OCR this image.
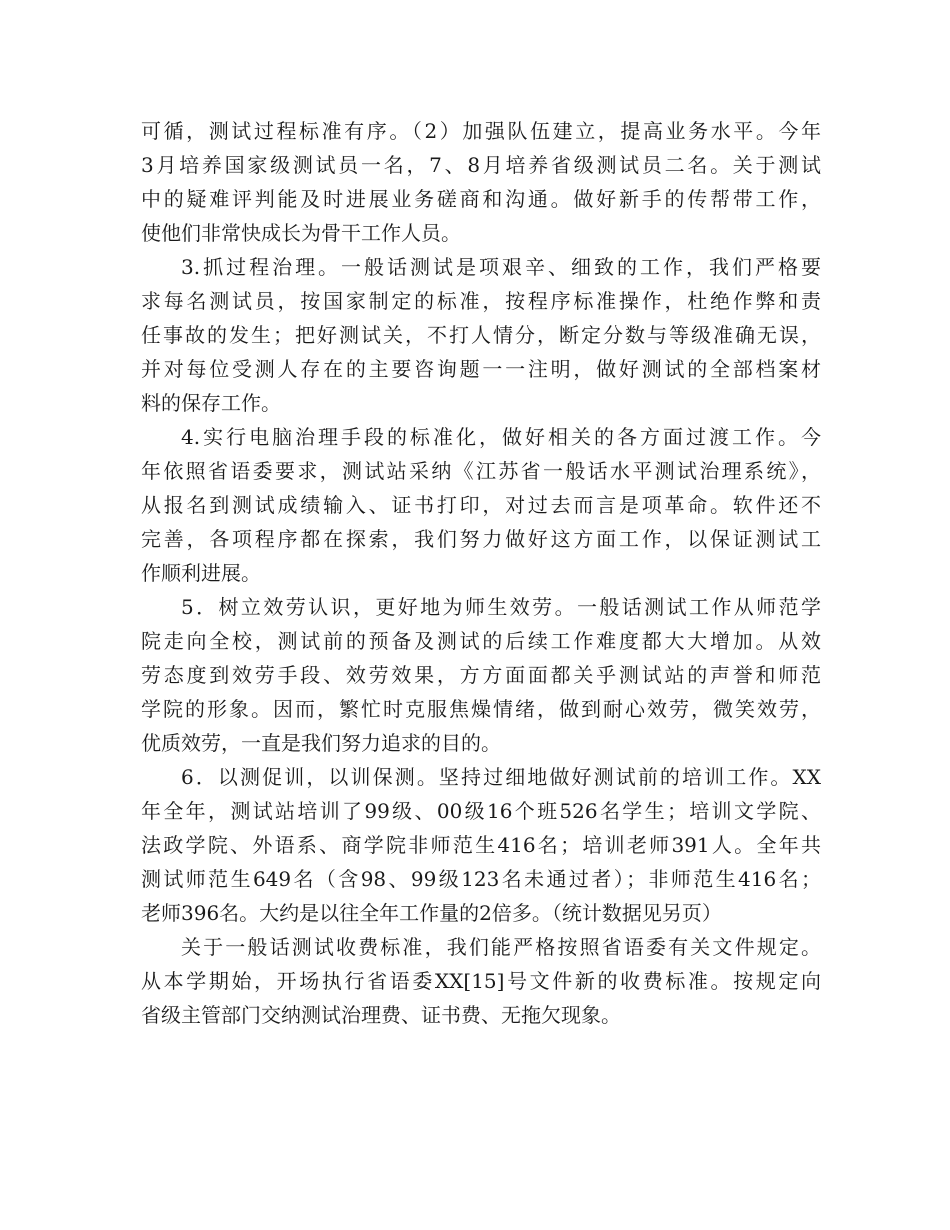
可循，测试过程标准有序。（2）加强队伍建立，提高业务水平。今年
3月培养国家级测试员一名，7、8月培养省级测试员二名。关于测试
中的疑难评判能及时进展业务磋商和沟通。做好新手的传帮带工作，
使他们非常快成长为骨干工作人员。
3.抓过程治理。一般话测试是项艰辛、细致的工作，我们严格要
求每名测试员，按国家制定的标准，按程序标准操作，杜绝作弊和责
任事故的发生；把好测试关，不打人情分，断定分数与等级准确无误，
并对每位受测人存在的主要咨询题一一注明，做好测试的全部档案材
料的保存工作。
4.实行电脑治理手段的标准化，做好相关的各方面过渡工作。今
年依照省语委要求，测试站采纳《江苏省一般话水平测试治理系统》，
从报名到测试成绩输入、证书打印，对过去而言是项革命。软件还不
完善，各项程序都在探索，我们努力做好这方面工作，以保证测试工
作顺利进展。
5．树立效劳认识，更好地为师生效劳。一般话测试工作从师范学
院走向全校，测试前的预备及测试的后续工作难度都大大增加。从效
劳态度到效劳手段、效劳效果，方方面面都关乎测试站的声誉和师范
学院的形象。因而，繁忙时克服焦燥情绪，做到耐心效劳，微笑效劳，
优质效劳，一直是我们努力追求的目的。
6．以测促训，以训保测。坚持过细地做好测试前的培训工作。XX
年全年，测试站培训了99级、00级16个班526名学生；培训文学院、
法政学院、外语系、商学院非师范生416名；培训老师391人。全年共
测试师范生649名（含98、99级123名未通过者）；非师范生416名；
老师396名。大约是以往全年工作量的2倍多。（统计数据见另页）
关于一般话测试收费标准，我们能严格按照省语委有关文件规定。
从本学期始，开场执行省语委XX[15]号文件新的收费标准。按规定向
省级主管部门交纳测试治理费、证书费、无拖欠现象。
